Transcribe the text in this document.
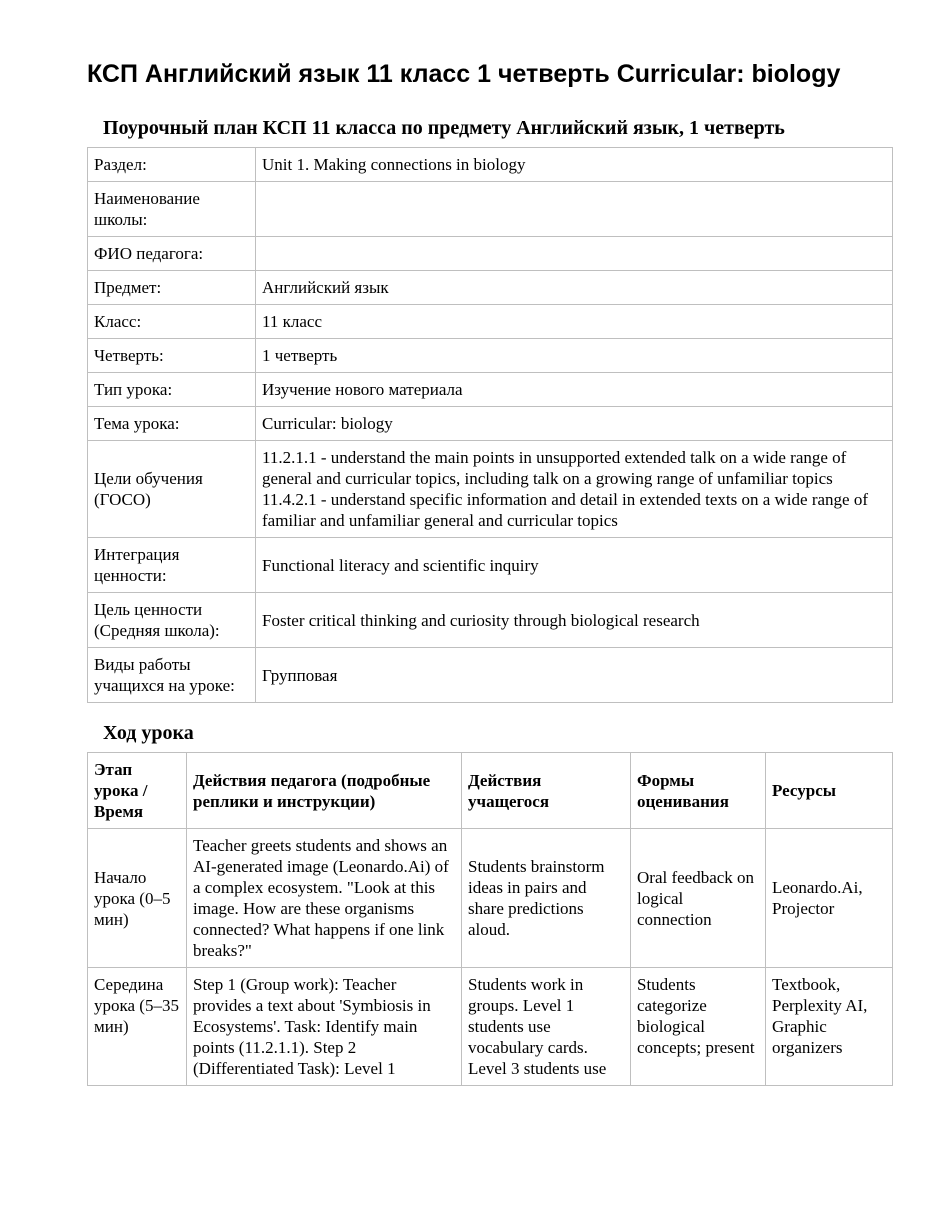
КСП Английский язык 11 класс 1 четверть Curricular: biology
Поурочный план КСП 11 класса по предмету Английский язык, 1 четверть
Раздел:	Unit 1. Making connections in biology
Наименование школы:	
ФИО педагога:	
Предмет:	Английский язык
Класс:	11 класс
Четверть:	1 четверть
Тип урока:	Изучение нового материала
Тема урока:	Curricular: biology
Цели обучения (ГОСО)	11.2.1.1 - understand the main points in unsupported extended talk on a wide range of general and curricular topics, including talk on a growing range of unfamiliar topics 11.4.2.1 - understand specific information and detail in extended texts on a wide range of familiar and unfamiliar general and curricular topics
Интеграция ценности:	Functional literacy and scientific inquiry
Цель ценности (Средняя школа):	Foster critical thinking and curiosity through biological research
Виды работы учащихся на уроке:	Групповая
Ход урока
Этап урока / Время	Действия педагога (подробные реплики и инструкции)	Действия учащегося	Формы оценивания	Ресурсы
Начало урока (0–5 мин)	Teacher greets students and shows an AI-generated image (Leonardo.Ai) of a complex ecosystem. "Look at this image. How are these organisms connected? What happens if one link breaks?"	Students brainstorm ideas in pairs and share predictions aloud.	Oral feedback on logical connection	Leonardo.Ai, Projector
Середина урока (5–35 мин)	Step 1 (Group work): Teacher provides a text about 'Symbiosis in Ecosystems'. Task: Identify main points (11.2.1.1). Step 2 (Differentiated Task): Level 1	Students work in groups. Level 1 students use vocabulary cards. Level 3 students use	Students categorize biological concepts; present	Textbook, Perplexity AI, Graphic organizers
